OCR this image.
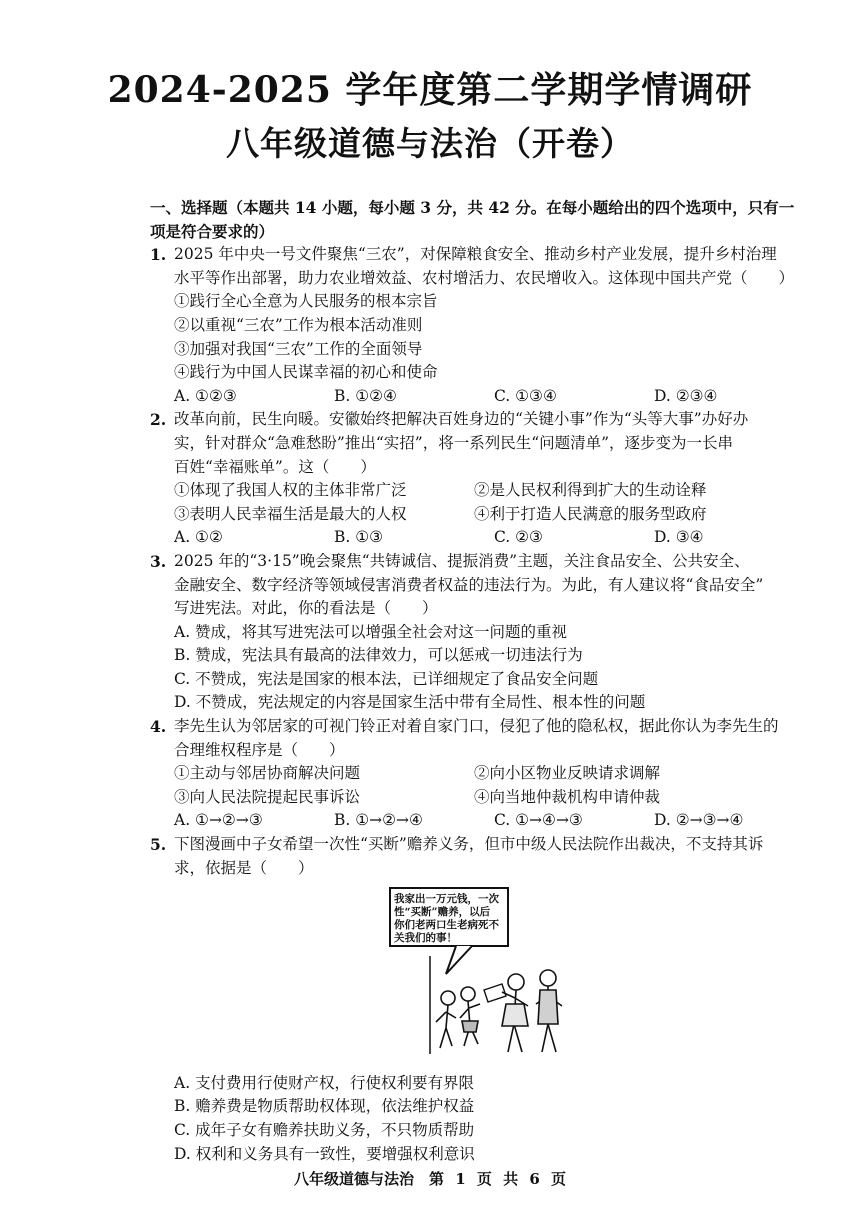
2024-2025 学年度第二学期学情调研
八年级道德与法治（开卷）
一、选择题（本题共 14 小题，每小题 3 分，共 42 分。在每小题给出的四个选项中，只有一
项是符合要求的）
1. 2025 年中央一号文件聚焦“三农”，对保障粮食安全、推动乡村产业发展，提升乡村治理
水平等作出部署，助力农业增效益、农村增活力、农民增收入。这体现中国共产党（　　）
①践行全心全意为人民服务的根本宗旨
②以重视“三农”工作为根本活动准则
③加强对我国“三农”工作的全面领导
④践行为中国人民谋幸福的初心和使命
A. ①②③	B. ①②④	C. ①③④	D. ②③④
2. 改革向前，民生向暖。安徽始终把解决百姓身边的“关键小事”作为“头等大事”办好办
实，针对群众“急难愁盼”推出“实招”，将一系列民生“问题清单”，逐步变为一长串
百姓“幸福账单”。这（　　）
①体现了我国人权的主体非常广泛	②是人民权利得到扩大的生动诠释
③表明人民幸福生活是最大的人权	④利于打造人民满意的服务型政府
A. ①②	B. ①③	C. ②③	D. ③④
3. 2025 年的“3·15”晚会聚焦“共铸诚信、提振消费”主题，关注食品安全、公共安全、
金融安全、数字经济等领域侵害消费者权益的违法行为。为此，有人建议将“食品安全”
写进宪法。对此，你的看法是（　　）
A. 赞成，将其写进宪法可以增强全社会对这一问题的重视
B. 赞成，宪法具有最高的法律效力，可以惩戒一切违法行为
C. 不赞成，宪法是国家的根本法，已详细规定了食品安全问题
D. 不赞成，宪法规定的内容是国家生活中带有全局性、根本性的问题
4. 李先生认为邻居家的可视门铃正对着自家门口，侵犯了他的隐私权，据此你认为李先生的
合理维权程序是（　　）
①主动与邻居协商解决问题	②向小区物业反映请求调解
③向人民法院提起民事诉讼	④向当地仲裁机构申请仲裁
A. ①→②→③	B. ①→②→④	C. ①→④→③	D. ②→③→④
5. 下图漫画中子女希望一次性“买断”赡养义务，但市中级人民法院作出裁决，不支持其诉
求，依据是（　　）
我家出一万元钱，一次
性“买断”赡养，以后
你们老两口生老病死不
关我们的事！
A. 支付费用行使财产权，行使权利要有界限
B. 赡养费是物质帮助权体现，依法维护权益
C. 成年子女有赡养扶助义务，不只物质帮助
D. 权利和义务具有一致性，要增强权利意识
八年级道德与法治　第 1 页 共 6 页
